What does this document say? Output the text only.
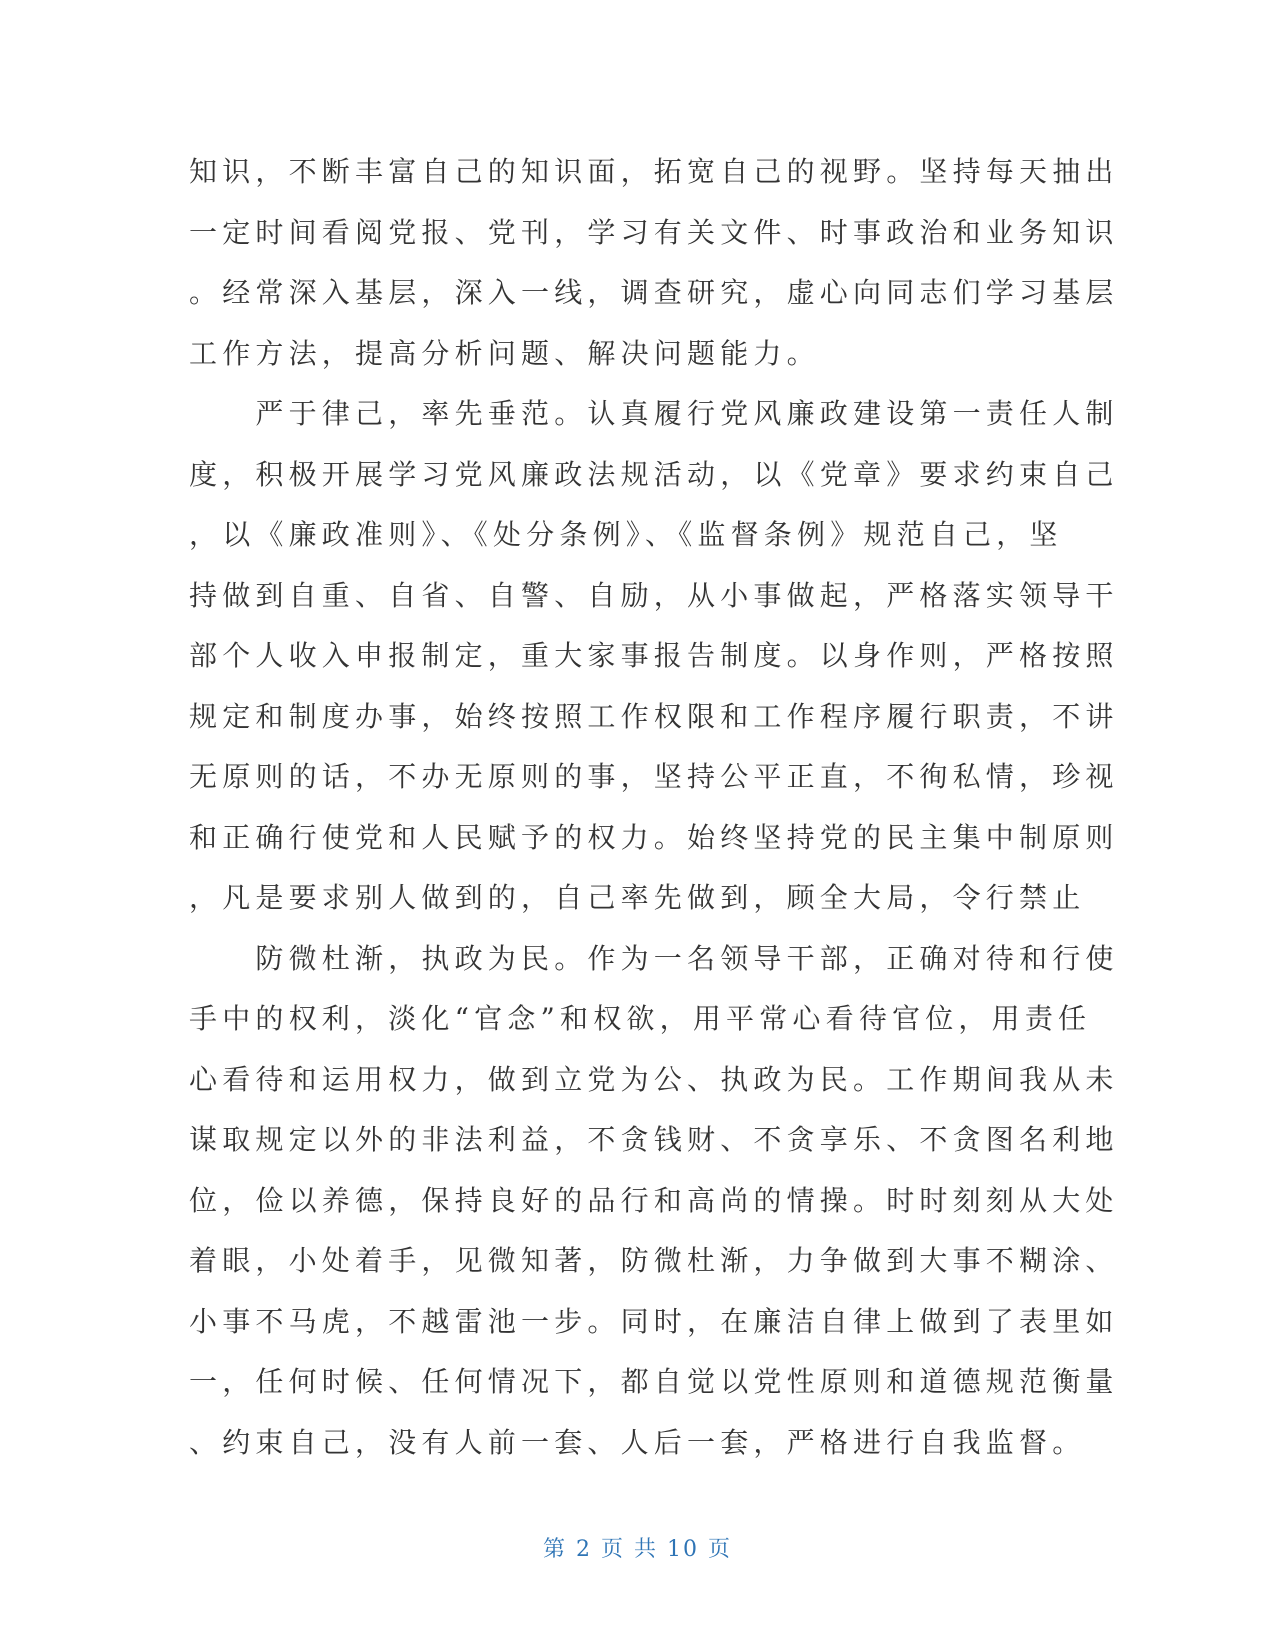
知识，不断丰富自己的知识面，拓宽自己的视野。坚持每天抽出
一定时间看阅党报、党刊，学习有关文件、时事政治和业务知识
。经常深入基层，深入一线，调查研究，虚心向同志们学习基层
工作方法，提高分析问题、解决问题能力。
　　严于律己，率先垂范。认真履行党风廉政建设第一责任人制
度，积极开展学习党风廉政法规活动，以《党章》要求约束自己
，以《廉政准则》、《处分条例》、《监督条例》规范自己，坚
持做到自重、自省、自警、自励，从小事做起，严格落实领导干
部个人收入申报制定，重大家事报告制度。以身作则，严格按照
规定和制度办事，始终按照工作权限和工作程序履行职责，不讲
无原则的话，不办无原则的事，坚持公平正直，不徇私情，珍视
和正确行使党和人民赋予的权力。始终坚持党的民主集中制原则
，凡是要求别人做到的，自己率先做到，顾全大局，令行禁止
　　防微杜渐，执政为民。作为一名领导干部，正确对待和行使
手中的权利，淡化“官念”和权欲，用平常心看待官位，用责任
心看待和运用权力，做到立党为公、执政为民。工作期间我从未
谋取规定以外的非法利益，不贪钱财、不贪享乐、不贪图名利地
位，俭以养德，保持良好的品行和高尚的情操。时时刻刻从大处
着眼，小处着手，见微知著，防微杜渐，力争做到大事不糊涂、
小事不马虎，不越雷池一步。同时，在廉洁自律上做到了表里如
一，任何时候、任何情况下，都自觉以党性原则和道德规范衡量
、约束自己，没有人前一套、人后一套，严格进行自我监督。
第 2 页 共 10 页
